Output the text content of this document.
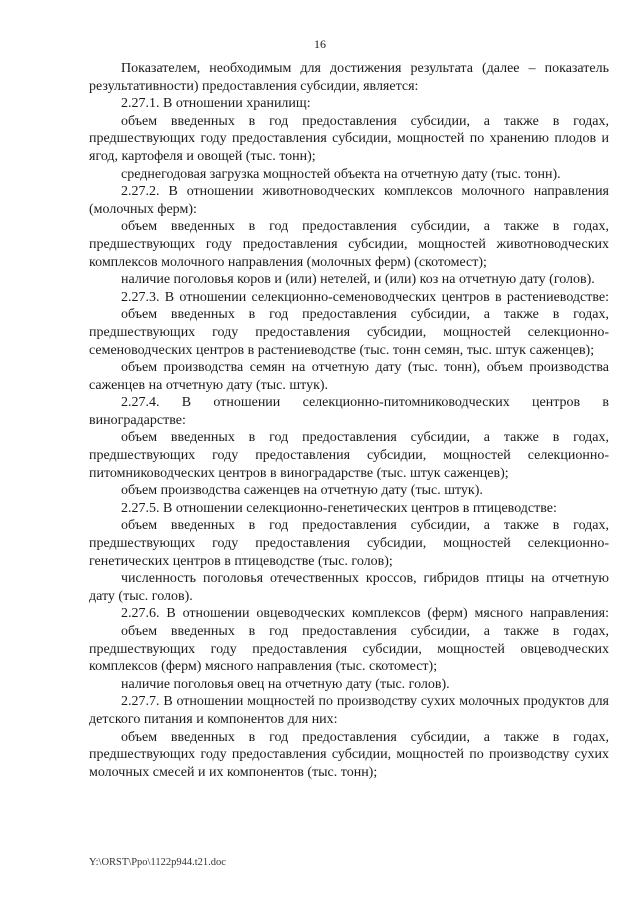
16

Показателем, необходимым для достижения результата (далее – показатель результативности) предоставления субсидии, является:

2.27.1. В отношении хранилищ:

объем введенных в год предоставления субсидии, а также в годах, предшествующих году предоставления субсидии, мощностей по хранению плодов и ягод, картофеля и овощей (тыс. тонн);

среднегодовая загрузка мощностей объекта на отчетную дату (тыс. тонн).

2.27.2. В отношении животноводческих комплексов молочного направления (молочных ферм):

объем введенных в год предоставления субсидии, а также в годах, предшествующих году предоставления субсидии, мощностей животноводческих комплексов молочного направления (молочных ферм) (скотомест);

наличие поголовья коров и (или) нетелей, и (или) коз на отчетную дату (голов).

2.27.3. В отношении селекционно-семеноводческих центров в растениеводстве:

объем введенных в год предоставления субсидии, а также в годах, предшествующих году предоставления субсидии, мощностей селекционно-семеноводческих центров в растениеводстве (тыс. тонн семян, тыс. штук саженцев);

объем производства семян на отчетную дату (тыс. тонн), объем производства саженцев на отчетную дату (тыс. штук).

2.27.4. В отношении селекционно-питомниководческих центров в виноградарстве:

объем введенных в год предоставления субсидии, а также в годах, предшествующих году предоставления субсидии, мощностей селекционно-питомниководческих центров в виноградарстве (тыс. штук саженцев);

объем производства саженцев на отчетную дату (тыс. штук).

2.27.5. В отношении селекционно-генетических центров в птицеводстве:

объем введенных в год предоставления субсидии, а также в годах, предшествующих году предоставления субсидии, мощностей селекционно-генетических центров в птицеводстве (тыс. голов);

численность поголовья отечественных кроссов, гибридов птицы на отчетную дату (тыс. голов).

2.27.6. В отношении овцеводческих комплексов (ферм) мясного направления:

объем введенных в год предоставления субсидии, а также в годах, предшествующих году предоставления субсидии, мощностей овцеводческих комплексов (ферм) мясного направления (тыс. скотомест);

наличие поголовья овец на отчетную дату (тыс. голов).

2.27.7. В отношении мощностей по производству сухих молочных продуктов для детского питания и компонентов для них:

объем введенных в год предоставления субсидии, а также в годах, предшествующих году предоставления субсидии, мощностей по производству сухих молочных смесей и их компонентов (тыс. тонн);

Y:\ORST\Ppo\1122p944.t21.doc
